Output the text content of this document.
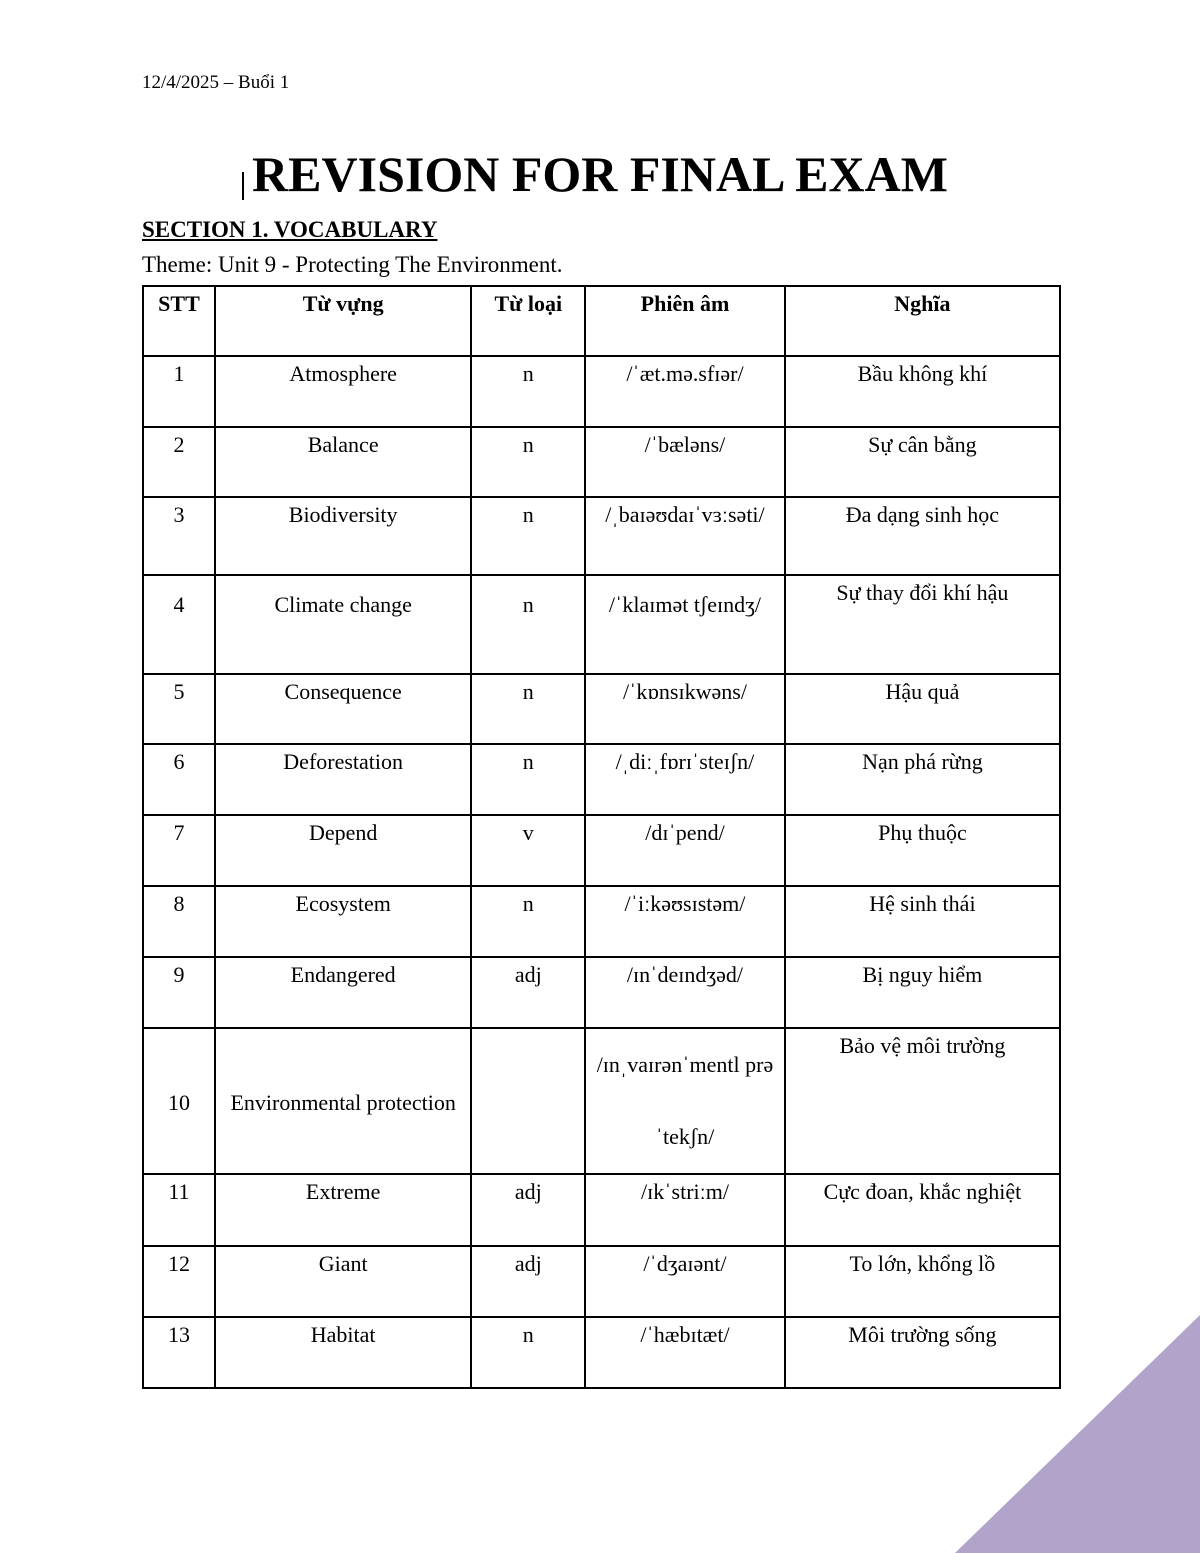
12/4/2025 – Buổi 1
REVISION FOR FINAL EXAM
SECTION 1. VOCABULARY
Theme: Unit 9 - Protecting The Environment.
STT	Từ vựng	Từ loại	Phiên âm	Nghĩa
1	Atmosphere	n	/ˈæt.mə.sfɪər/	Bầu không khí
2	Balance	n	/ˈbæləns/	Sự cân bằng
3	Biodiversity	n	/ˌbaɪəʊdaɪˈvɜːsəti/	Đa dạng sinh học
4	Climate change	n	/ˈklaɪmət tʃeɪndʒ/	Sự thay đổi khí hậu
5	Consequence	n	/ˈkɒnsɪkwəns/	Hậu quả
6	Deforestation	n	/ˌdiːˌfɒrɪˈsteɪʃn/	Nạn phá rừng
7	Depend	v	/dɪˈpend/	Phụ thuộc
8	Ecosystem	n	/ˈiːkəʊsɪstəm/	Hệ sinh thái
9	Endangered	adj	/ɪnˈdeɪndʒəd/	Bị nguy hiểm
10	Environmental protection		/ɪnˌvaɪrənˈmentl prəˈtekʃn/	Bảo vệ môi trường
11	Extreme	adj	/ɪkˈstriːm/	Cực đoan, khắc nghiệt
12	Giant	adj	/ˈdʒaɪənt/	To lớn, khổng lồ
13	Habitat	n	/ˈhæbɪtæt/	Môi trường sống
